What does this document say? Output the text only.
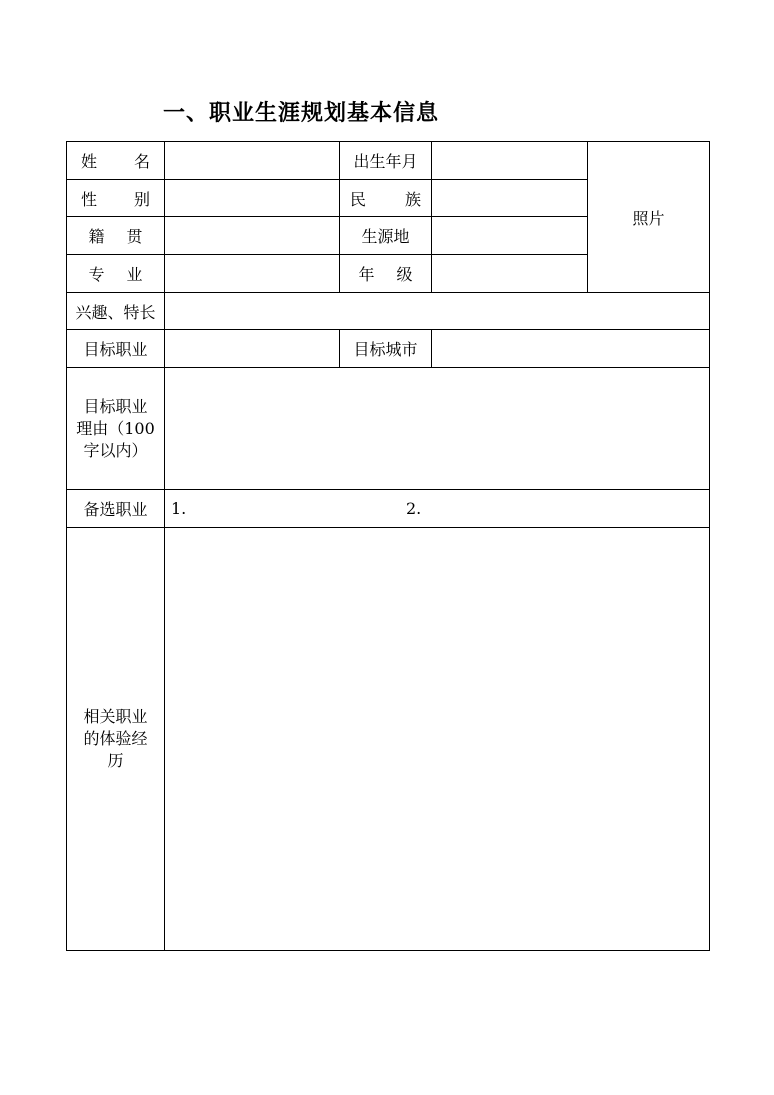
一、职业生涯规划基本信息
姓 名		出生年月		照片

性 别		民 族		

籍 贯		生源地		

专 业		年 级		

兴趣、特长				
目标职业		目标城市		

目标职业
理由（100
字以内）				

备选职业	1. 2.			

相关职业
的体验经
历				
